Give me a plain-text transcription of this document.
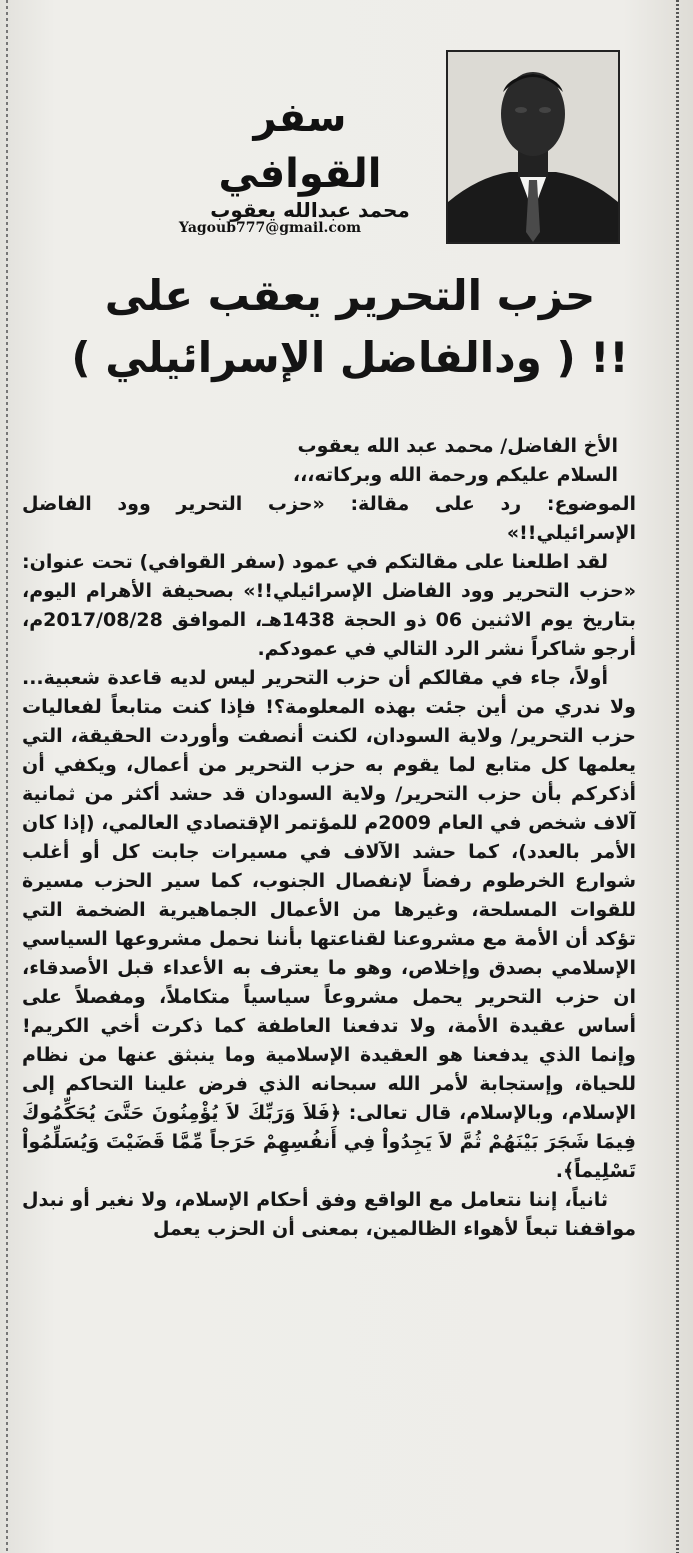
سفر القوافي
محمد عبدالله يعقوب
Yagoub777@gmail.com
حزب التحرير يعقب على
( ودالفاضل الإسرائيلي ) !!

الأخ الفاضل/ محمد عبد الله يعقوب

السلام عليكم ورحمة الله وبركاته،،،

الموضوع: رد على مقالة: «حزب التحرير وود الفاضل الإسرائيلي!!»

لقد اطلعنا على مقالتكم في عمود (سفر القوافي) تحت عنوان: «حزب التحرير وود الفاضل الإسرائيلي!!» بصحيفة الأهرام اليوم، بتاريخ يوم الاثنين 06 ذو الحجة 1438هـ، الموافق 2017/08/28م، أرجو شاكراً نشر الرد التالي في عمودكم.

أولاً، جاء في مقالكم أن حزب التحرير ليس لديه قاعدة شعبية... ولا ندري من أين جئت بهذه المعلومة؟! فإذا كنت متابعاً لفعاليات حزب التحرير/ ولاية السودان، لكنت أنصفت وأوردت الحقيقة، التي يعلمها كل متابع لما يقوم به حزب التحرير من أعمال، ويكفي أن أذكركم بأن حزب التحرير/ ولاية السودان قد حشد أكثر من ثمانية آلاف شخص في العام 2009م للمؤتمر الإقتصادي العالمي، (إذا كان الأمر بالعدد)، كما حشد الآلاف في مسيرات جابت كل أو أغلب شوارع الخرطوم رفضاً لإنفصال الجنوب، كما سير الحزب مسيرة للقوات المسلحة، وغيرها من الأعمال الجماهيرية الضخمة التي تؤكد أن الأمة مع مشروعنا لقناعتها بأننا نحمل مشروعها السياسي الإسلامي بصدق وإخلاص، وهو ما يعترف به الأعداء قبل الأصدقاء، ان حزب التحرير يحمل مشروعاً سياسياً متكاملاً، ومفصلاً على أساس عقيدة الأمة، ولا تدفعنا العاطفة كما ذكرت أخي الكريم! وإنما الذي يدفعنا هو العقيدة الإسلامية وما ينبثق عنها من نظام للحياة، وإستجابة لأمر الله سبحانه الذي فرض علينا التحاكم إلى الإسلام، وبالإسلام، قال تعالى: ﴿فَلاَ وَرَبِّكَ لاَ يُؤْمِنُونَ حَتَّىَ يُحَكِّمُوكَ فِيمَا شَجَرَ بَيْنَهُمْ ثُمَّ لاَ يَجِدُواْ فِي أَنفُسِهِمْ حَرَجاً مِّمَّا قَضَيْتَ وَيُسَلِّمُواْ تَسْلِيماً﴾.

ثانياً، إننا نتعامل مع الواقع وفق أحكام الإسلام، ولا نغير أو نبدل مواقفنا تبعاً لأهواء الظالمين، بمعنى أن الحزب يعمل
